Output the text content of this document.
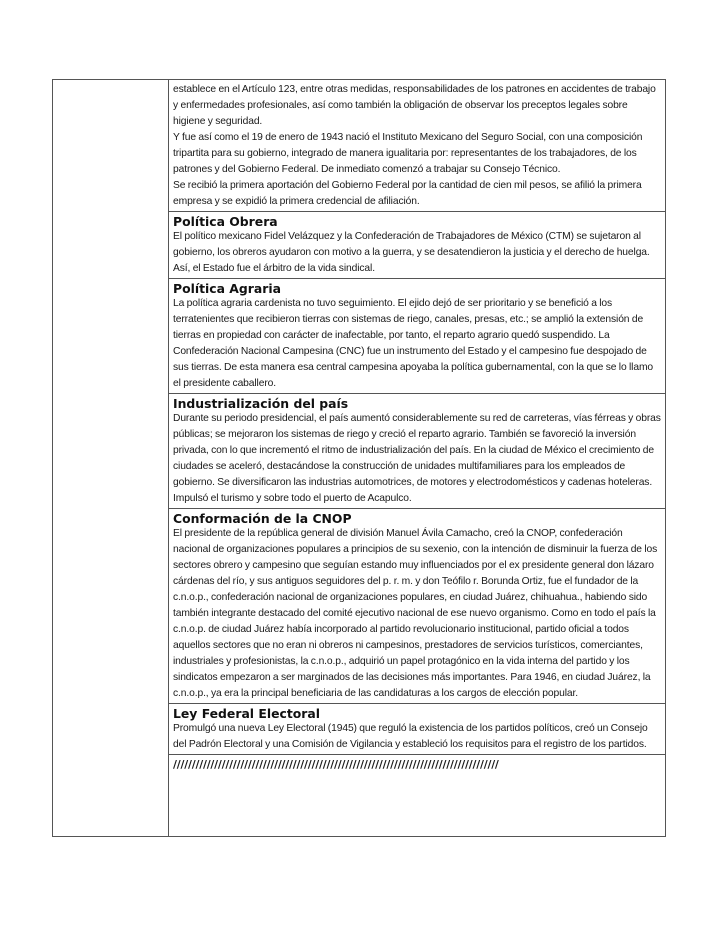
establece en el Artículo 123, entre otras medidas, responsabilidades de los patrones en accidentes de trabajo y enfermedades profesionales, así como también la obligación de observar los preceptos legales sobre higiene y seguridad.
Y fue así como el 19 de enero de 1943 nació el Instituto Mexicano del Seguro Social, con una composición tripartita para su gobierno, integrado de manera igualitaria por: representantes de los trabajadores, de los patrones y del Gobierno Federal. De inmediato comenzó a trabajar su Consejo Técnico.
Se recibió la primera aportación del Gobierno Federal por la cantidad de cien mil pesos, se afilió la primera empresa y se expidió la primera credencial de afiliación.
Política Obrera
El político mexicano Fidel Velázquez y la Confederación de Trabajadores de México (CTM) se sujetaron al gobierno, los obreros ayudaron con motivo a la guerra, y se desatendieron la justicia y el derecho de huelga. Así, el Estado fue el árbitro de la vida sindical.
Política Agraria
La política agraria cardenista no tuvo seguimiento. El ejido dejó de ser prioritario y se benefició a los terratenientes que recibieron tierras con sistemas de riego, canales, presas, etc.; se amplió la extensión de tierras en propiedad con carácter de inafectable, por tanto, el reparto agrario quedó suspendido. La Confederación Nacional Campesina (CNC) fue un instrumento del Estado y el campesino fue despojado de sus tierras. De esta manera esa central campesina apoyaba la política gubernamental, con la que se lo llamo el presidente caballero.
Industrialización del país
Durante su periodo presidencial, el país aumentó considerablemente su red de carreteras, vías férreas y obras públicas; se mejoraron los sistemas de riego y creció el reparto agrario. También se favoreció la inversión privada, con lo que incrementó el ritmo de industrialización del país. En la ciudad de México el crecimiento de ciudades se aceleró, destacándose la construcción de unidades multifamiliares para los empleados de gobierno. Se diversificaron las industrias automotrices, de motores y electrodomésticos y cadenas hoteleras. Impulsó el turismo y sobre todo el puerto de Acapulco.
Conformación de la CNOP
El presidente de la república general de división Manuel Ávila Camacho, creó la CNOP, confederación nacional de organizaciones populares a principios de su sexenio, con la intención de disminuir la fuerza de los sectores obrero y campesino que seguían estando muy influenciados por el ex presidente general don lázaro cárdenas del río, y sus antiguos seguidores del p. r. m. y don Teófilo r. Borunda Ortiz, fue el fundador de la c.n.o.p., confederación nacional de organizaciones populares, en ciudad Juárez, chihuahua., habiendo sido también integrante destacado del comité ejecutivo nacional de ese nuevo organismo. Como en todo el país la c.n.o.p. de ciudad Juárez había incorporado al partido revolucionario institucional, partido oficial a todos aquellos sectores que no eran ni obreros ni campesinos, prestadores de servicios turísticos, comerciantes, industriales y profesionistas, la c.n.o.p., adquirió un papel protagónico en la vida interna del partido y los sindicatos empezaron a ser marginados de las decisiones más importantes. Para 1946, en ciudad Juárez, la c.n.o.p., ya era la principal beneficiaria de las candidaturas a los cargos de elección popular.
Ley Federal Electoral
Promulgó una nueva Ley Electoral (1945) que reguló la existencia de los partidos políticos, creó un Consejo del Padrón Electoral y una Comisión de Vigilancia y estableció los requisitos para el registro de los partidos.
///////////////////////////////////////////////////////////////////////////////////////
